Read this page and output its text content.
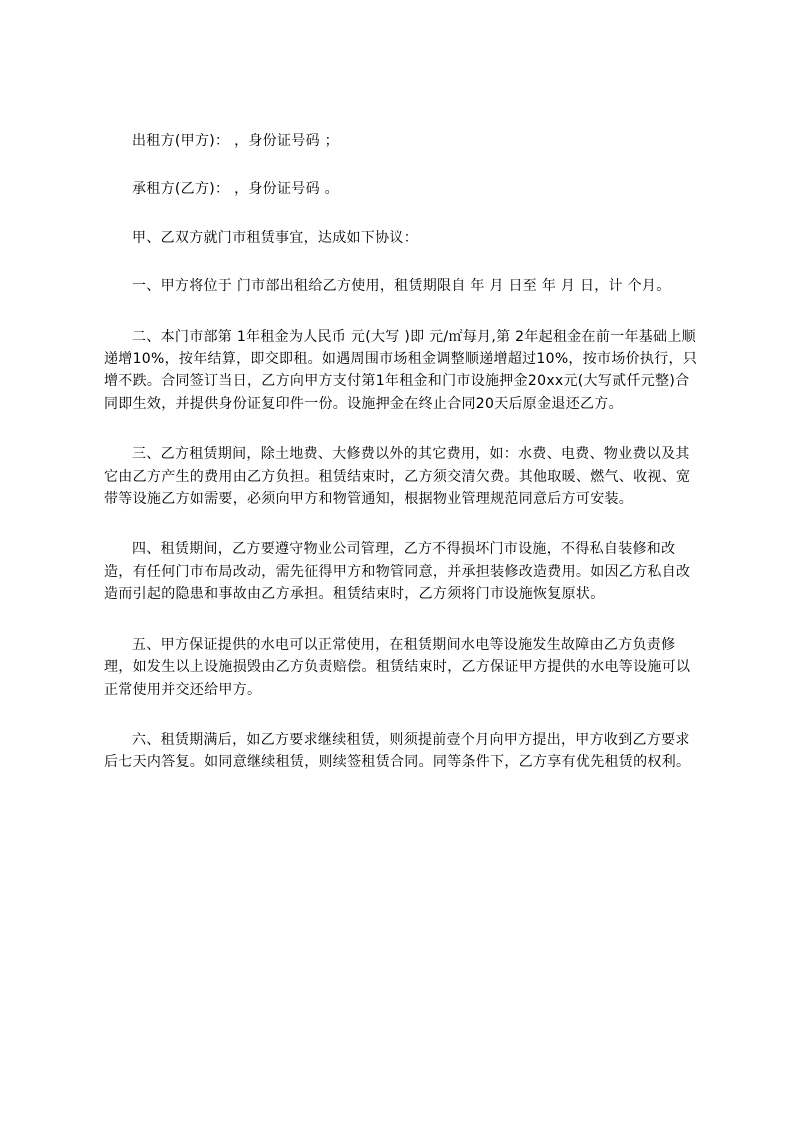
出租方(甲方)： ，身份证号码 ；

承租方(乙方)： ，身份证号码 。

甲、乙双方就门市租赁事宜，达成如下协议：

一、甲方将位于 门市部出租给乙方使用，租赁期限自 年 月 日至 年 月 日，计 个月。

二、本门市部第 1年租金为人民币 元(大写 )即 元/㎡每月,第 2年起租金在前一年基础上顺递增10%，按年结算，即交即租。如遇周围市场租金调整顺递增超过10%，按市场价执行，只增不跌。合同签订当日，乙方向甲方支付第1年租金和门市设施押金20xx元(大写贰仟元整)合同即生效，并提供身份证复印件一份。设施押金在终止合同20天后原金退还乙方。

三、乙方租赁期间，除土地费、大修费以外的其它费用，如：水费、电费、物业费以及其它由乙方产生的费用由乙方负担。租赁结束时，乙方须交清欠费。其他取暖、燃气、收视、宽带等设施乙方如需要，必须向甲方和物管通知，根据物业管理规范同意后方可安装。

四、租赁期间，乙方要遵守物业公司管理，乙方不得损坏门市设施，不得私自装修和改造，有任何门市布局改动，需先征得甲方和物管同意，并承担装修改造费用。如因乙方私自改造而引起的隐患和事故由乙方承担。租赁结束时，乙方须将门市设施恢复原状。

五、甲方保证提供的水电可以正常使用，在租赁期间水电等设施发生故障由乙方负责修理，如发生以上设施损毁由乙方负责赔偿。租赁结束时，乙方保证甲方提供的水电等设施可以正常使用并交还给甲方。

六、租赁期满后，如乙方要求继续租赁，则须提前壹个月向甲方提出，甲方收到乙方要求后七天内答复。如同意继续租赁，则续签租赁合同。同等条件下，乙方享有优先租赁的权利。
